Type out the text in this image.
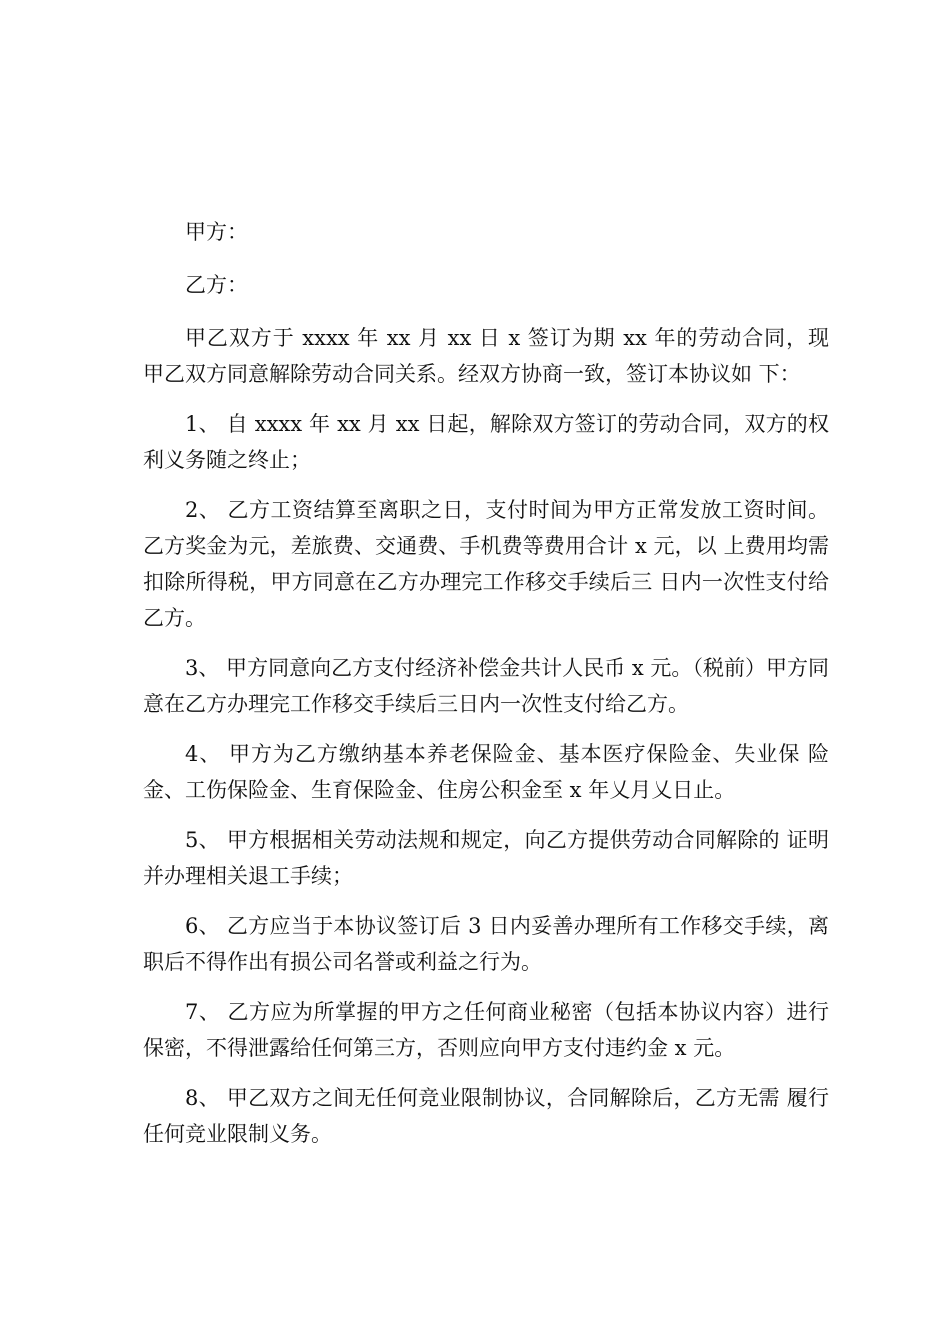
甲方：

乙方：

甲乙双方于 xxxx 年 xx 月 xx 日 x 签订为期 xx 年的劳动合同，现 甲乙双方同意解除劳动合同关系。经双方协商一致，签订本协议如 下：

1、 自 xxxx 年 xx 月 xx 日起，解除双方签订的劳动合同，双方的权利义务随之终止；

2、 乙方工资结算至离职之日，支付时间为甲方正常发放工资时间。乙方奖金为元，差旅费、交通费、手机费等费用合计 x 元，以 上费用均需扣除所得税，甲方同意在乙方办理完工作移交手续后三 日内一次性支付给乙方。

3、 甲方同意向乙方支付经济补偿金共计人民币 x 元。（税前）甲方同意在乙方办理完工作移交手续后三日内一次性支付给乙方。

4、 甲方为乙方缴纳基本养老保险金、基本医疗保险金、失业保 险金、工伤保险金、生育保险金、住房公积金至 x 年乂月乂日止。

5、 甲方根据相关劳动法规和规定，向乙方提供劳动合同解除的 证明并办理相关退工手续；

6、 乙方应当于本协议签订后 3 日内妥善办理所有工作移交手续，离职后不得作出有损公司名誉或利益之行为。

7、 乙方应为所掌握的甲方之任何商业秘密（包括本协议内容）进行保密，不得泄露给任何第三方，否则应向甲方支付违约金 x 元。

8、 甲乙双方之间无任何竞业限制协议，合同解除后，乙方无需 履行任何竞业限制义务。
